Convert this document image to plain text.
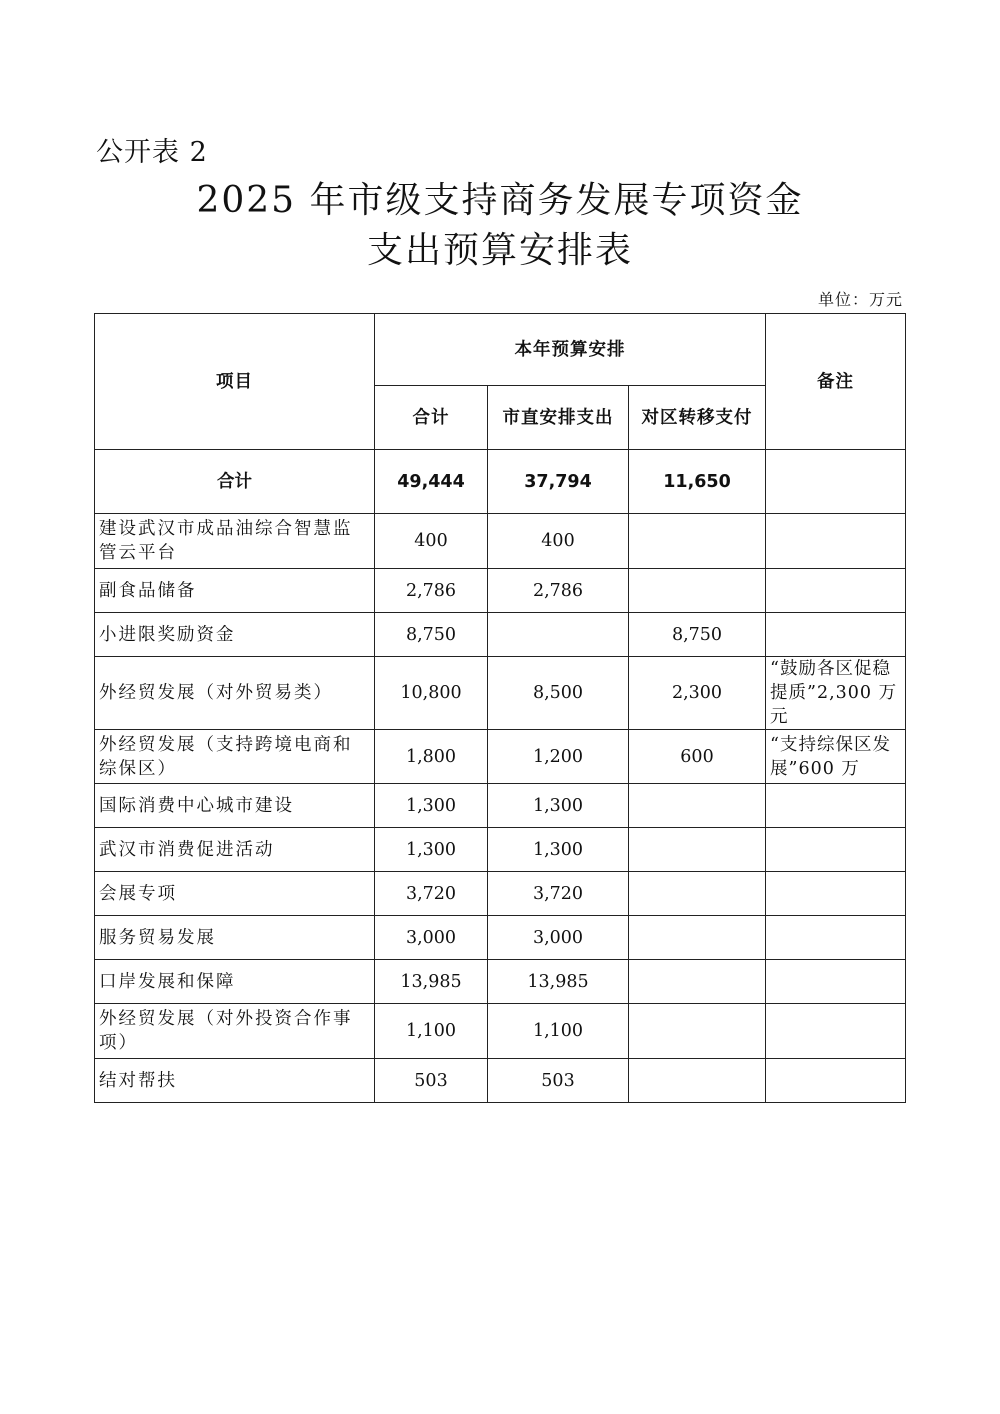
公开表 2
2025 年市级支持商务发展专项资金
支出预算安排表
单位：万元
项目	本年预算安排			备注
	合计	市直安排支出	对区转移支付	
合计	49,444	37,794	11,650	
建设武汉市成品油综合智慧监管云平台	400	400		
副食品储备	2,786	2,786		
小进限奖励资金	8,750		8,750	
外经贸发展（对外贸易类）	10,800	8,500	2,300	“鼓励各区促稳提质”2,300 万元
外经贸发展（支持跨境电商和综保区）	1,800	1,200	600	“支持综保区发展”600 万
国际消费中心城市建设	1,300	1,300		
武汉市消费促进活动	1,300	1,300		
会展专项	3,720	3,720		
服务贸易发展	3,000	3,000		
口岸发展和保障	13,985	13,985		
外经贸发展（对外投资合作事项）	1,100	1,100		
结对帮扶	503	503		
